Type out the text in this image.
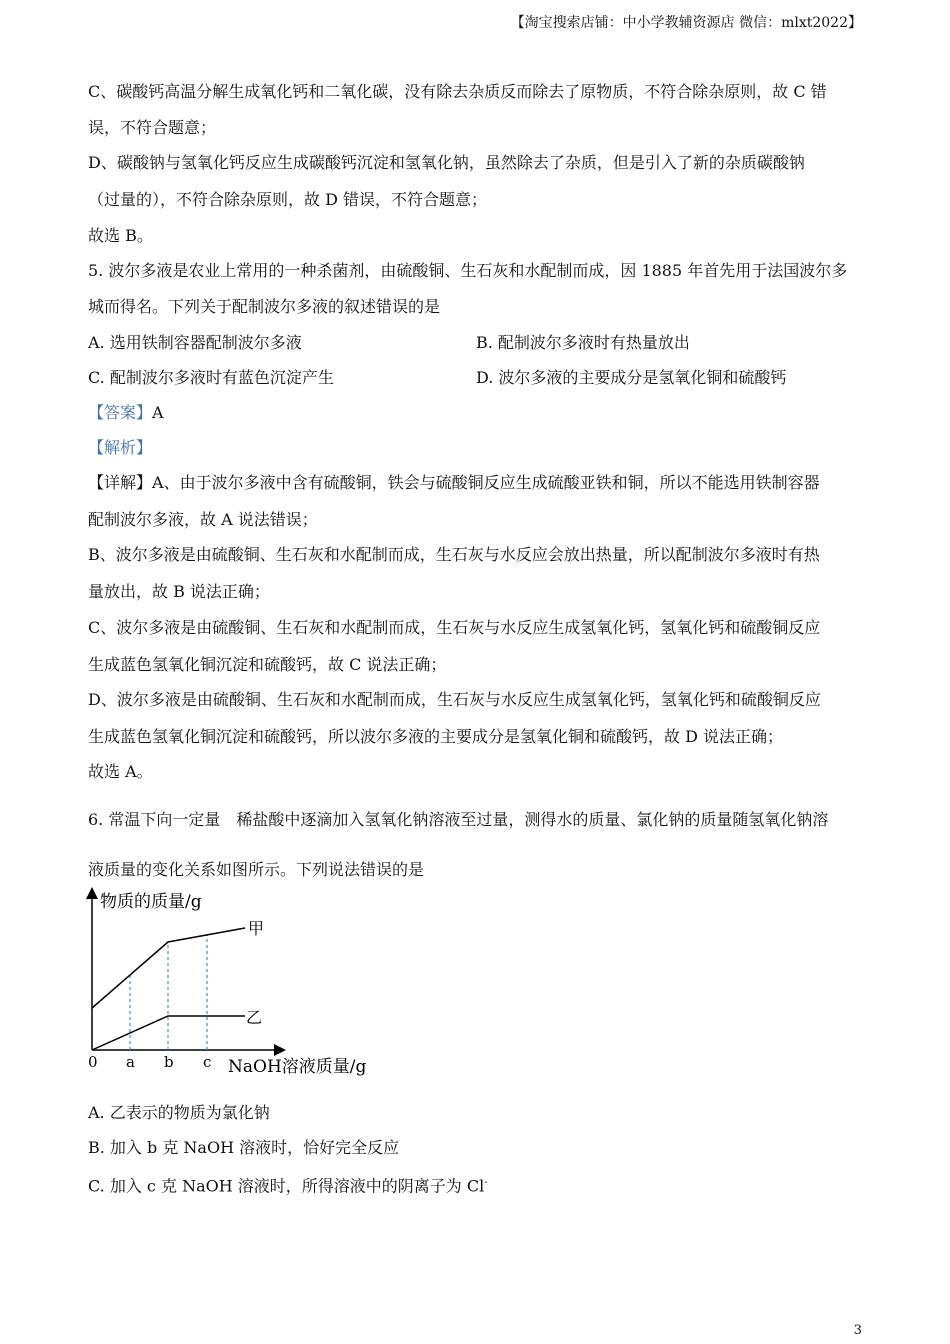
【淘宝搜索店铺：中小学教辅资源店 微信：mlxt2022】
C、碳酸钙高温分解生成氧化钙和二氧化碳，没有除去杂质反而除去了原物质，不符合除杂原则，故 C 错
误，不符合题意；
D、碳酸钠与氢氧化钙反应生成碳酸钙沉淀和氢氧化钠，虽然除去了杂质，但是引入了新的杂质碳酸钠
（过量的），不符合除杂原则，故 D 错误，不符合题意；
故选 B。
5. 波尔多液是农业上常用的一种杀菌剂，由硫酸铜、生石灰和水配制而成，因 1885 年首先用于法国波尔多
城而得名。下列关于配制波尔多液的叙述错误的是
A. 选用铁制容器配制波尔多液	B. 配制波尔多液时有热量放出
C. 配制波尔多液时有蓝色沉淀产生	D. 波尔多液的主要成分是氢氧化铜和硫酸钙
【答案】A
【解析】
【详解】A、由于波尔多液中含有硫酸铜，铁会与硫酸铜反应生成硫酸亚铁和铜，所以不能选用铁制容器
配制波尔多液，故 A 说法错误；
B、波尔多液是由硫酸铜、生石灰和水配制而成，生石灰与水反应会放出热量，所以配制波尔多液时有热
量放出，故 B 说法正确；
C、波尔多液是由硫酸铜、生石灰和水配制而成，生石灰与水反应生成氢氧化钙，氢氧化钙和硫酸铜反应
生成蓝色氢氧化铜沉淀和硫酸钙，故 C 说法正确；
D、波尔多液是由硫酸铜、生石灰和水配制而成，生石灰与水反应生成氢氧化钙，氢氧化钙和硫酸铜反应
生成蓝色氢氧化铜沉淀和硫酸钙，所以波尔多液的主要成分是氢氧化铜和硫酸钙，故 D 说法正确；
故选 A。
6. 常温下向一定量　稀盐酸中逐滴加入氢氧化钠溶液至过量，测得水的质量、氯化钠的质量随氢氧化钠溶
液质量的变化关系如图所示。下列说法错误的是
物质的质量/g
NaOH溶液质量/g
0 a b c
甲
乙
A. 乙表示的物质为氯化钠
B. 加入 b 克 NaOH 溶液时，恰好完全反应
C. 加入 c 克 NaOH 溶液时，所得溶液中的阴离子为 Cl-
3
